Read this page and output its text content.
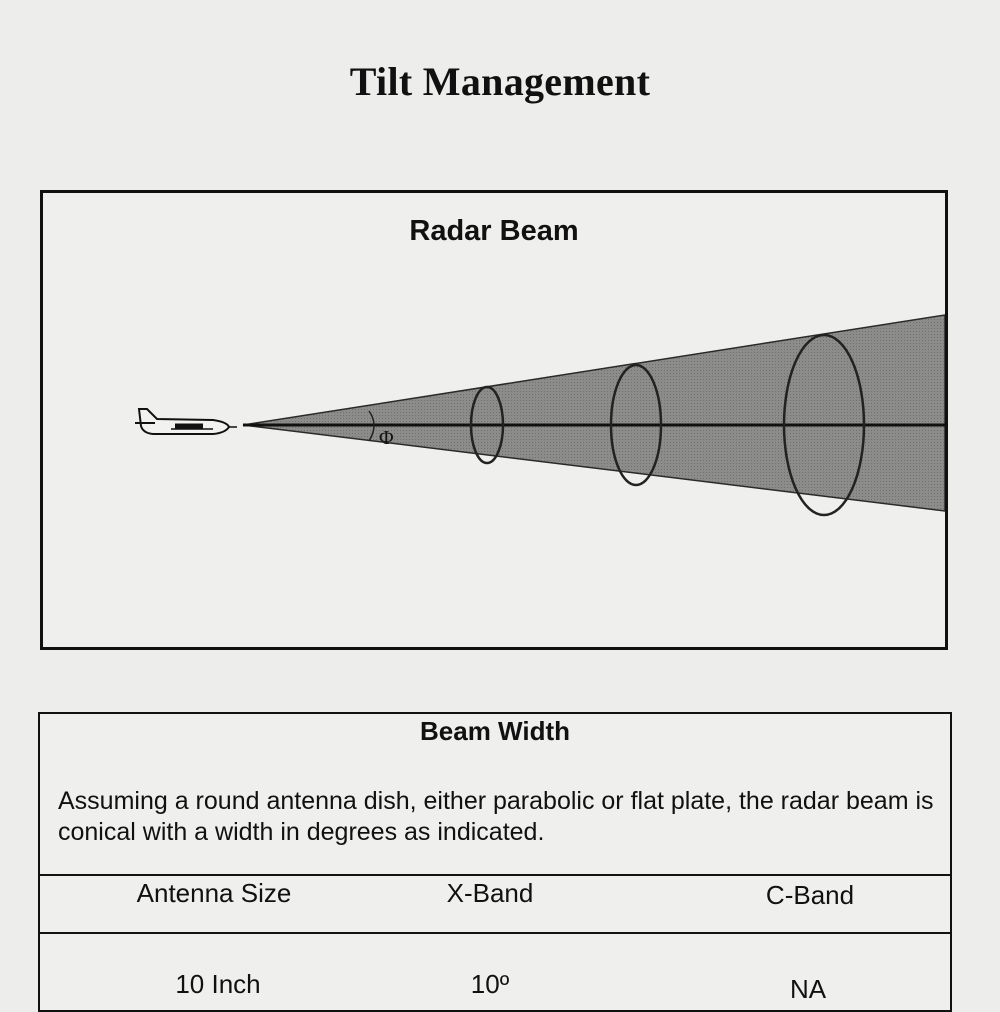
Tilt Management
Radar Beam
Φ
Beam Width
Assuming a round antenna dish, either parabolic or flat plate, the radar beam is conical with a width in degrees as indicated.
Antenna Size	X-Band	C-Band
10 Inch	10º	NA
